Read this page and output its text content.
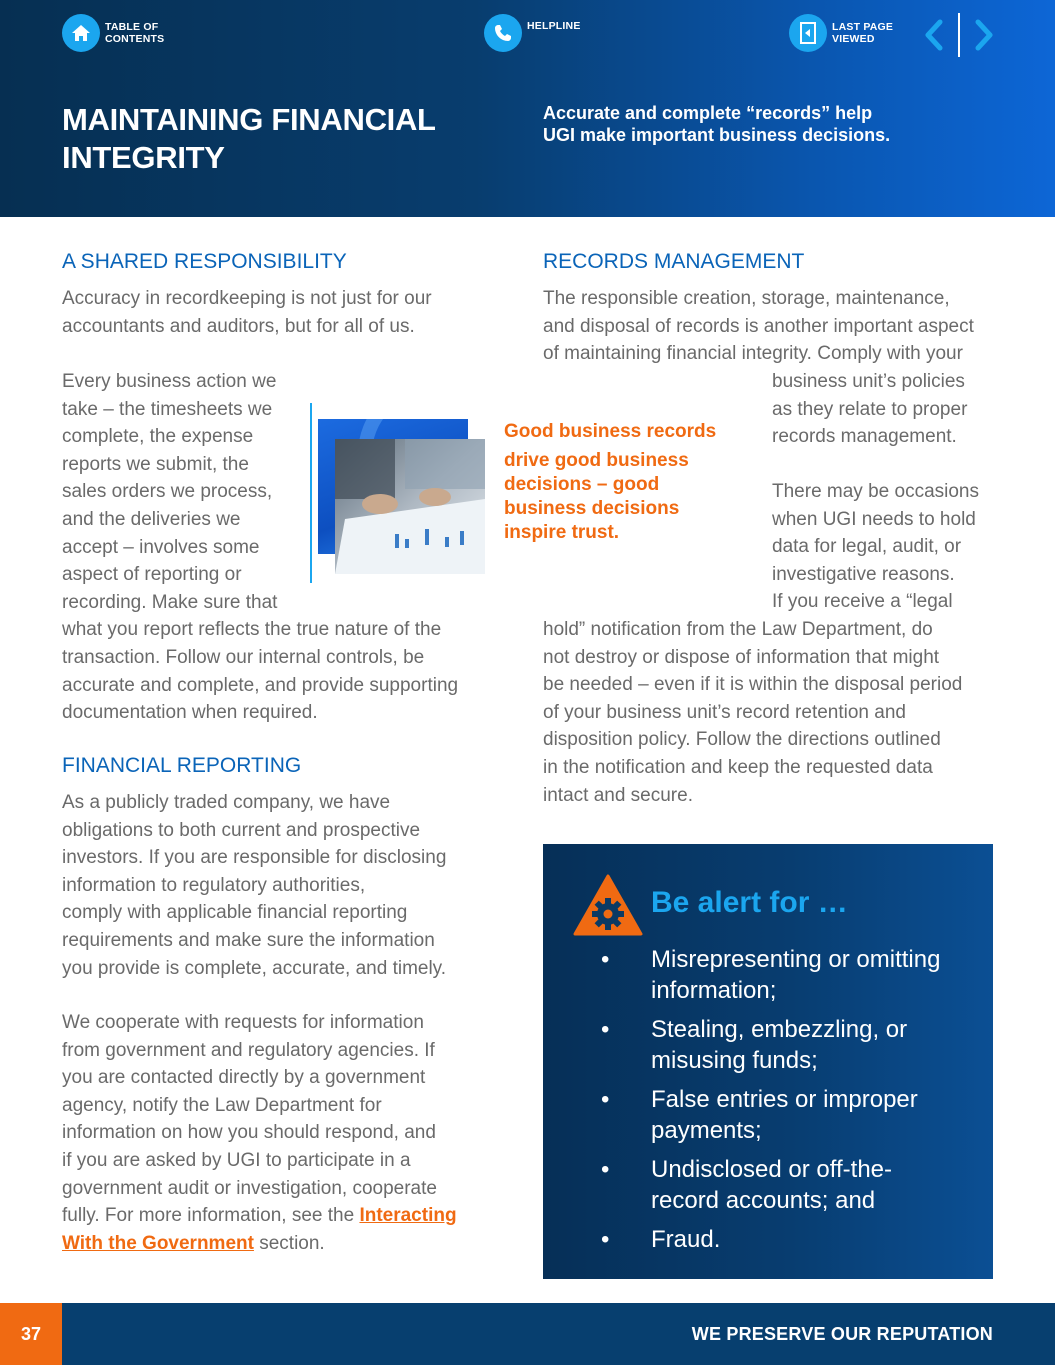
TABLE OF
CONTENTS
HELPLINE	LAST PAGE
VIEWED
MAINTAINING FINANCIAL
INTEGRITY
Accurate and complete “records” help
UGI make important business decisions.
A SHARED RESPONSIBILITY
Accuracy in recordkeeping is not just for our
accountants and auditors, but for all of us.
Every business action we
take – the timesheets we
complete, the expense
reports we submit, the
sales orders we process,
and the deliveries we
accept – involves some
aspect of reporting or
recording. Make sure that
what you report reflects the true nature of the
transaction. Follow our internal controls, be
accurate and complete, and provide supporting
documentation when required.
Good business records
drive good business
decisions – good
business decisions
inspire trust.
FINANCIAL REPORTING
As a publicly traded company, we have
obligations to both current and prospective
investors. If you are responsible for disclosing
information to regulatory authorities,
comply with applicable financial reporting
requirements and make sure the information
you provide is complete, accurate, and timely.
We cooperate with requests for information
from government and regulatory agencies. If
you are contacted directly by a government
agency, notify the Law Department for
information on how you should respond, and
if you are asked by UGI to participate in a
government audit or investigation, cooperate
fully. For more information, see the Interacting
With the Government section.
RECORDS MANAGEMENT
The responsible creation, storage, maintenance,
and disposal of records is another important aspect
of maintaining financial integrity. Comply with your
business unit’s policies
as they relate to proper
records management.
There may be occasions
when UGI needs to hold
data for legal, audit, or
investigative reasons.
If you receive a “legal
hold” notification from the Law Department, do
not destroy or dispose of information that might
be needed – even if it is within the disposal period
of your business unit’s record retention and
disposition policy. Follow the directions outlined
in the notification and keep the requested data
intact and secure.
Be alert for …
• Misrepresenting or omitting
information;
• Stealing, embezzling, or
misusing funds;
• False entries or improper
payments;
• Undisclosed or off-the-
record accounts; and
• Fraud.
37	WE PRESERVE OUR REPUTATION
